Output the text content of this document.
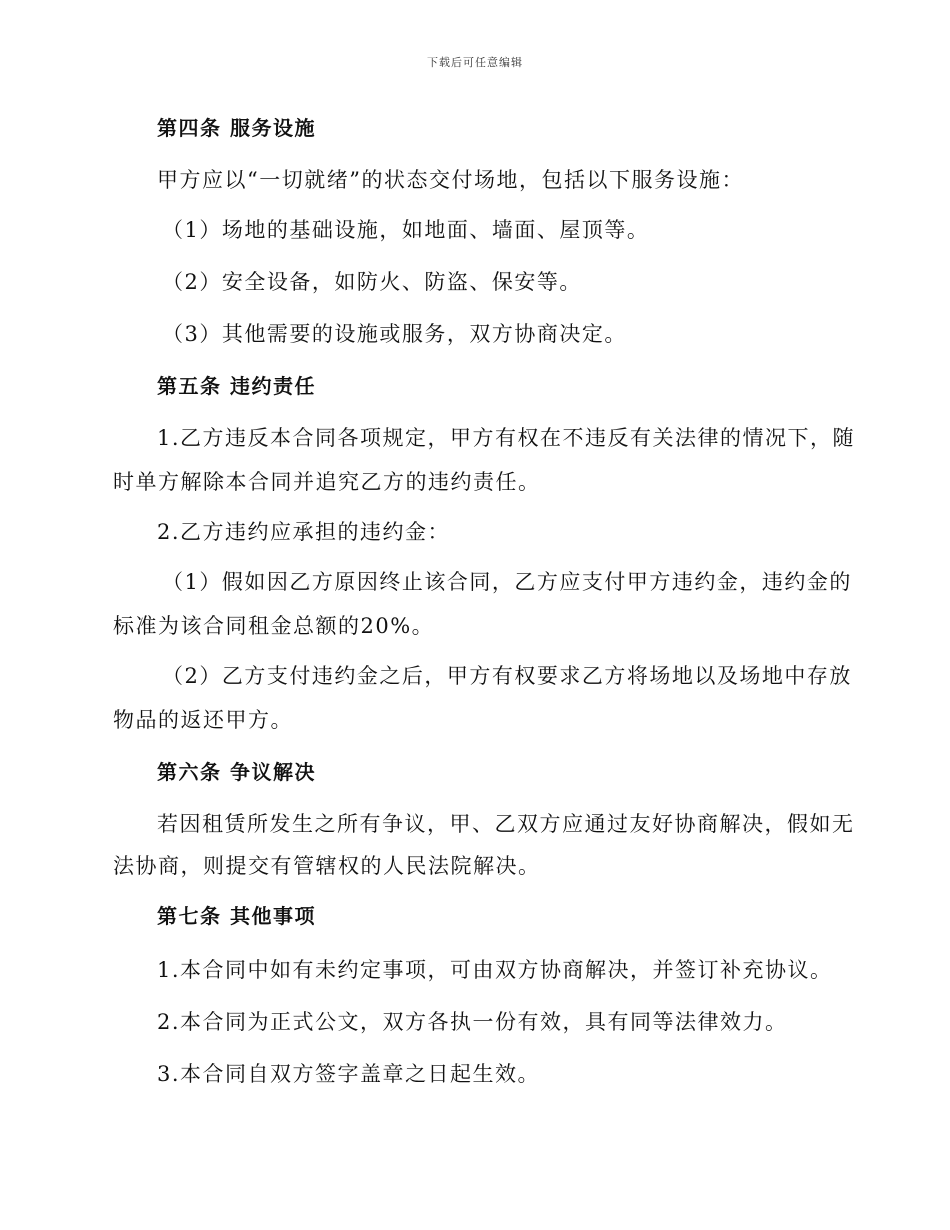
下载后可任意编辑
第四条 服务设施
甲方应以“一切就绪”的状态交付场地，包括以下服务设施：
（1）场地的基础设施，如地面、墙面、屋顶等。
（2）安全设备，如防火、防盗、保安等。
（3）其他需要的设施或服务，双方协商决定。
第五条 违约责任
1.乙方违反本合同各项规定，甲方有权在不违反有关法律的情况下，随
时单方解除本合同并追究乙方的违约责任。
2.乙方违约应承担的违约金：
（1）假如因乙方原因终止该合同，乙方应支付甲方违约金，违约金的
标准为该合同租金总额的20%。
（2）乙方支付违约金之后，甲方有权要求乙方将场地以及场地中存放
物品的返还甲方。
第六条 争议解决
若因租赁所发生之所有争议，甲、乙双方应通过友好协商解决，假如无
法协商，则提交有管辖权的人民法院解决。
第七条 其他事项
1.本合同中如有未约定事项，可由双方协商解决，并签订补充协议。
2.本合同为正式公文，双方各执一份有效，具有同等法律效力。
3.本合同自双方签字盖章之日起生效。
